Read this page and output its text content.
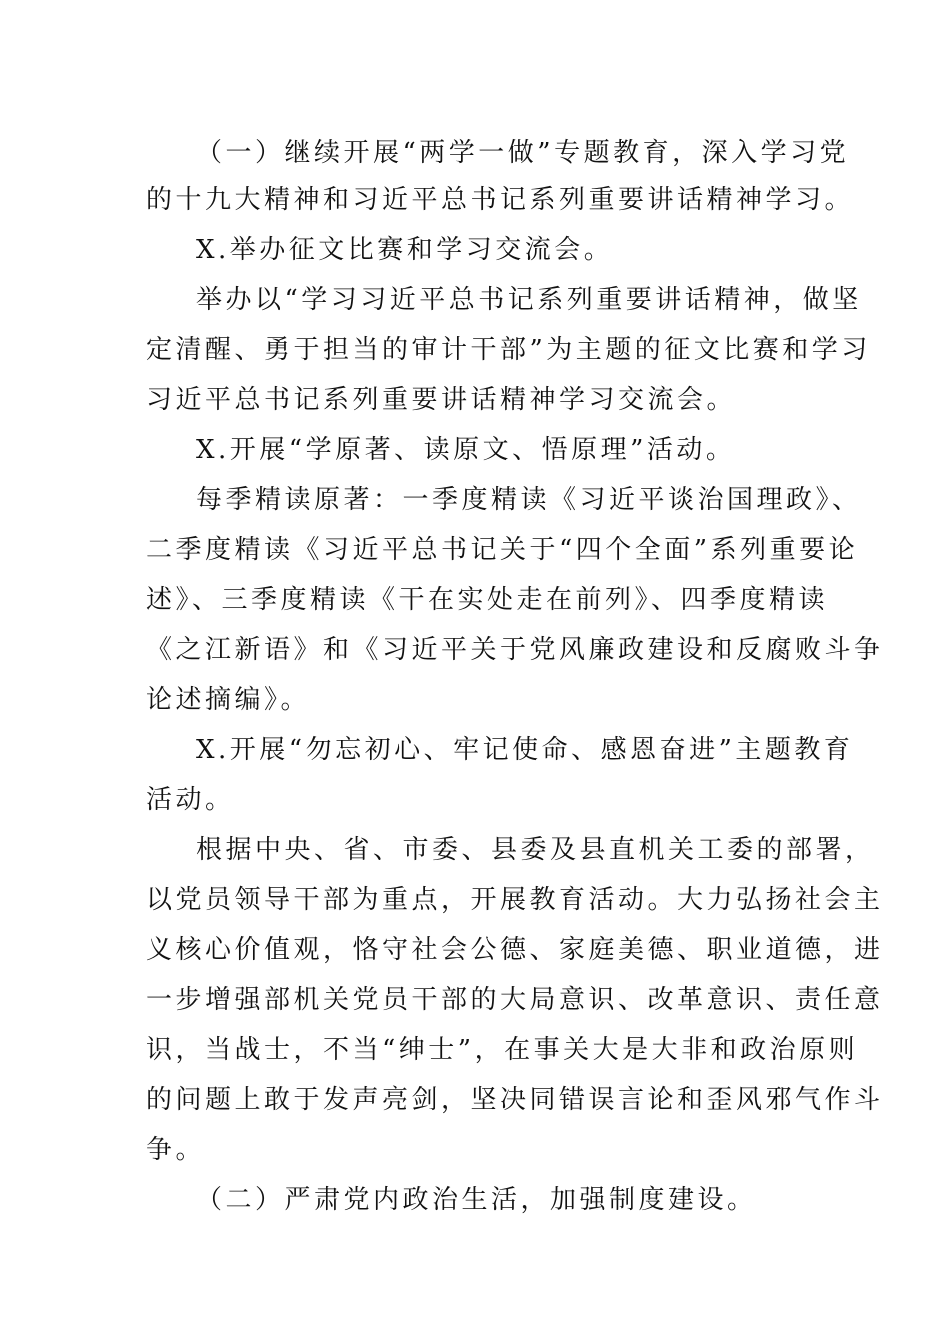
（一）继续开展“两学一做”专题教育，深入学习党
的十九大精神和习近平总书记系列重要讲话精神学习。
X.举办征文比赛和学习交流会。
举办以“学习习近平总书记系列重要讲话精神，做坚
定清醒、勇于担当的审计干部”为主题的征文比赛和学习
习近平总书记系列重要讲话精神学习交流会。
X.开展“学原著、读原文、悟原理”活动。
每季精读原著：一季度精读《习近平谈治国理政》、
二季度精读《习近平总书记关于“四个全面”系列重要论
述》、三季度精读《干在实处走在前列》、四季度精读
《之江新语》和《习近平关于党风廉政建设和反腐败斗争
论述摘编》。
X.开展“勿忘初心、牢记使命、感恩奋进”主题教育
活动。
根据中央、省、市委、县委及县直机关工委的部署，
以党员领导干部为重点，开展教育活动。大力弘扬社会主
义核心价值观，恪守社会公德、家庭美德、职业道德，进
一步增强部机关党员干部的大局意识、改革意识、责任意
识，当战士，不当“绅士”，在事关大是大非和政治原则
的问题上敢于发声亮剑，坚决同错误言论和歪风邪气作斗
争。
（二）严肃党内政治生活，加强制度建设。
